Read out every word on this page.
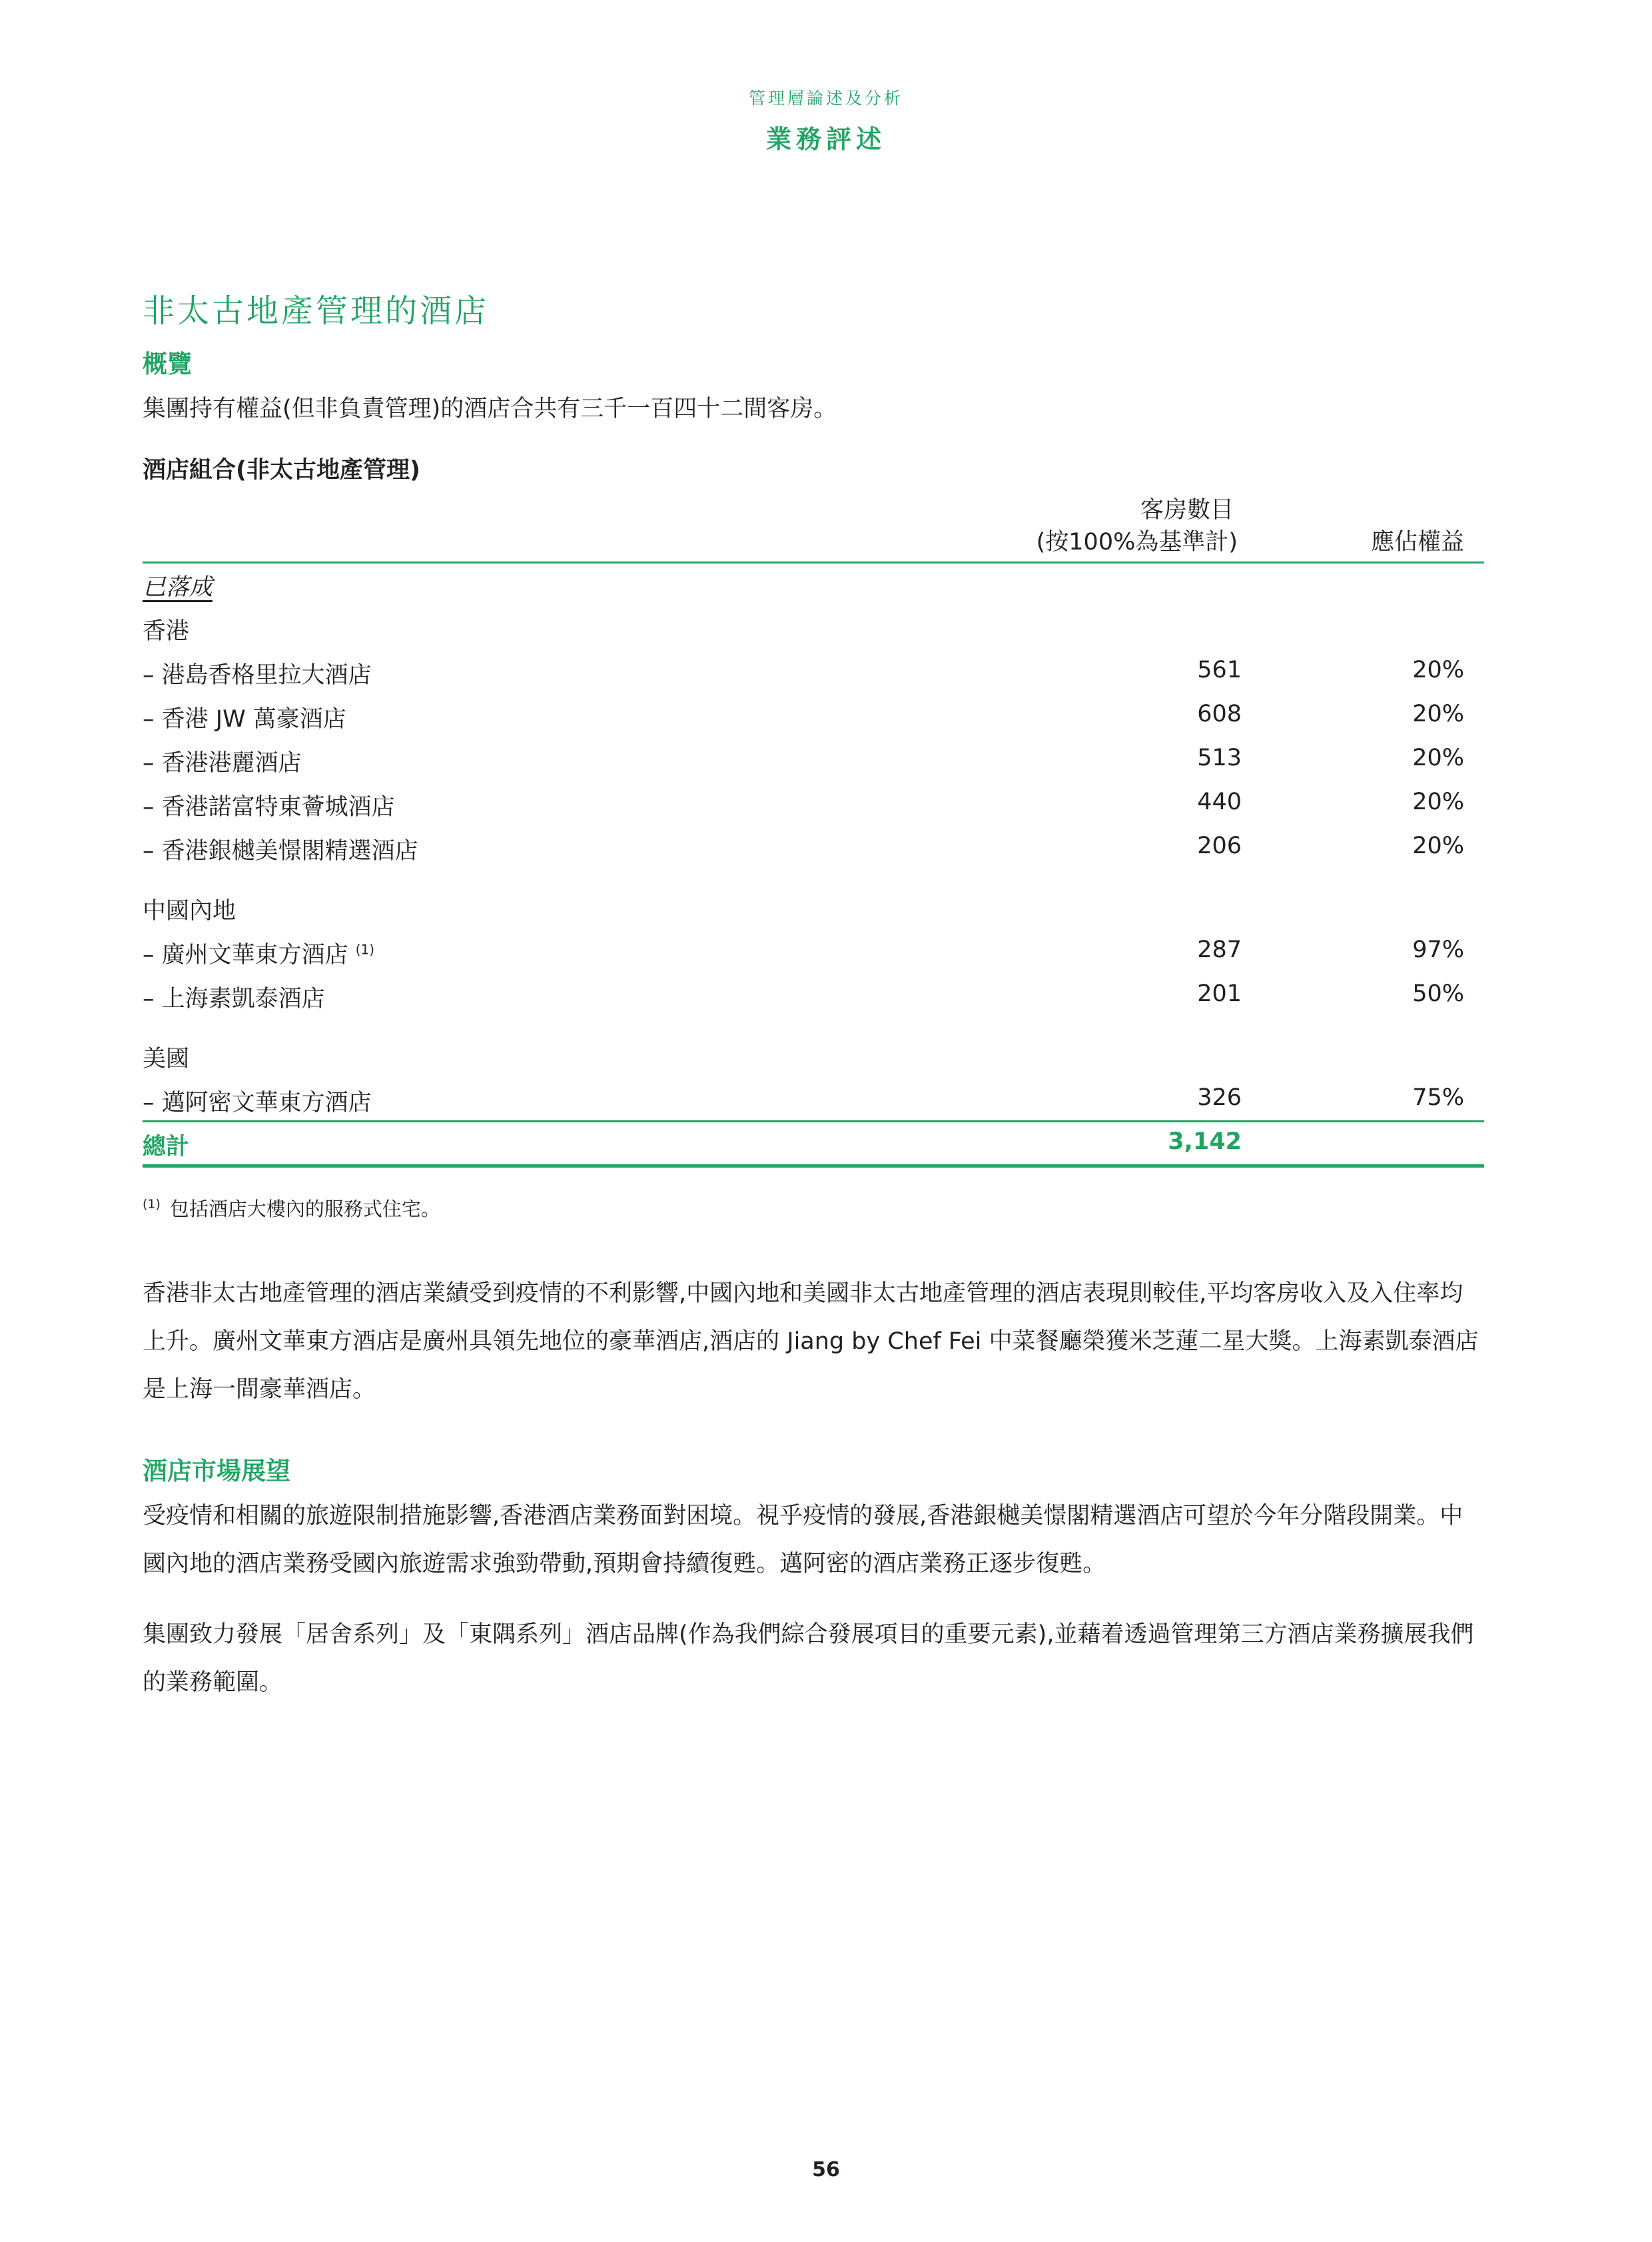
管理層論述及分析
業務評述
非太古地產管理的酒店
概覽
集團持有權益(但非負責管理)的酒店合共有三千一百四十二間客房。
酒店組合(非太古地產管理)
客房數目
(按100%為基準計)	應佔權益
已落成
香港
– 港島香格里拉大酒店	561	20%
– 香港 JW 萬豪酒店	608	20%
– 香港港麗酒店	513	20%
– 香港諾富特東薈城酒店	440	20%
– 香港銀樾美憬閣精選酒店	206	20%
中國內地
– 廣州文華東方酒店 $^{(1)}$	287	97%
– 上海素凱泰酒店	201	50%
美國
– 邁阿密文華東方酒店	326	75%
總計	3,142
$^{(1)}$ 包括酒店大樓內的服務式住宅。
香港非太古地產管理的酒店業績受到疫情的不利影響,中國內地和美國非太古地產管理的酒店表現則較佳,平均客房收入及入住率均上升。廣州文華東方酒店是廣州具領先地位的豪華酒店,酒店的 Jiang by Chef Fei 中菜餐廳榮獲米芝蓮二星大獎。上海素凱泰酒店是上海一間豪華酒店。
酒店市場展望
受疫情和相關的旅遊限制措施影響,香港酒店業務面對困境。視乎疫情的發展,香港銀樾美憬閣精選酒店可望於今年分階段開業。中國內地的酒店業務受國內旅遊需求強勁帶動,預期會持續復甦。邁阿密的酒店業務正逐步復甦。
集團致力發展「居舍系列」及「東隅系列」酒店品牌(作為我們綜合發展項目的重要元素),並藉着透過管理第三方酒店業務擴展我們的業務範圍。
56
